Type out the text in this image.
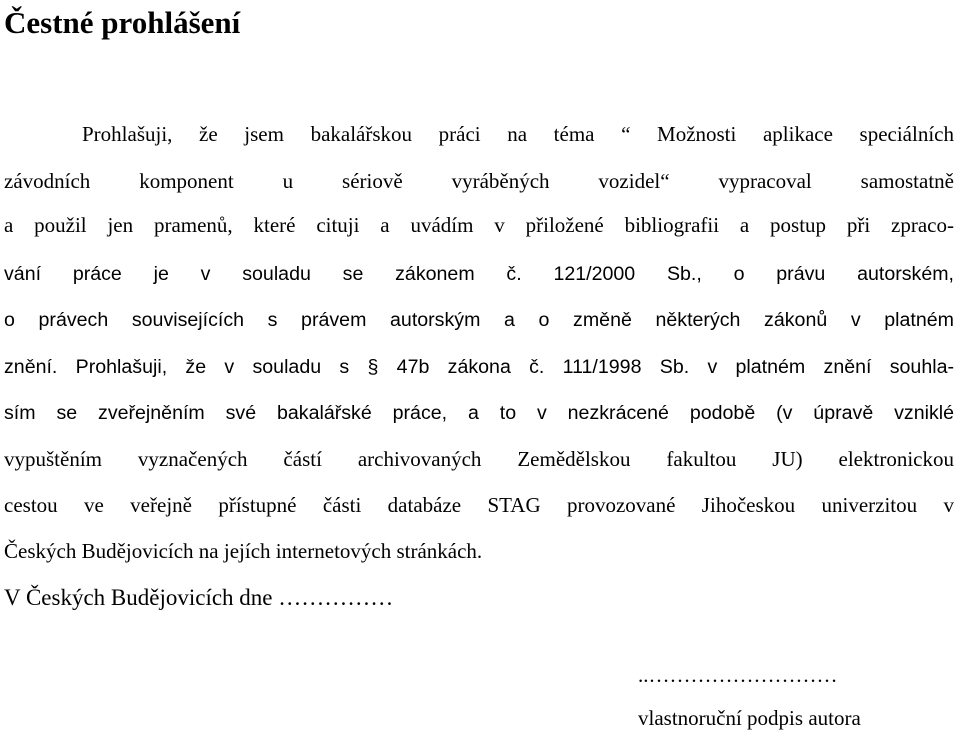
Čestné prohlášení
Prohlašuji, že jsem bakalářskou práci na téma “ Možnosti aplikace speciálních
závodních komponent u sériově vyráběných vozidel“ vypracoval samostatně
a použil jen pramenů, které cituji a uvádím v přiložené bibliografii a postup při zpraco-
vání práce je v souladu se zákonem č. 121/2000 Sb., o právu autorském,
o právech souvisejících s právem autorským a o změně některých zákonů v platném
znění. Prohlašuji, že v souladu s § 47b zákona č. 111/1998 Sb. v platném znění souhla-
sím se zveřejněním své bakalářské práce, a to v nezkrácené podobě (v úpravě vzniklé
vypuštěním vyznačených částí archivovaných Zemědělskou fakultou JU) elektronickou
cestou ve veřejně přístupné části databáze STAG provozované Jihočeskou univerzitou v
Českých Budějovicích na jejích internetových stránkách.
V Českých Budějovicích dne ……………
..………………………
vlastnoruční podpis autora
